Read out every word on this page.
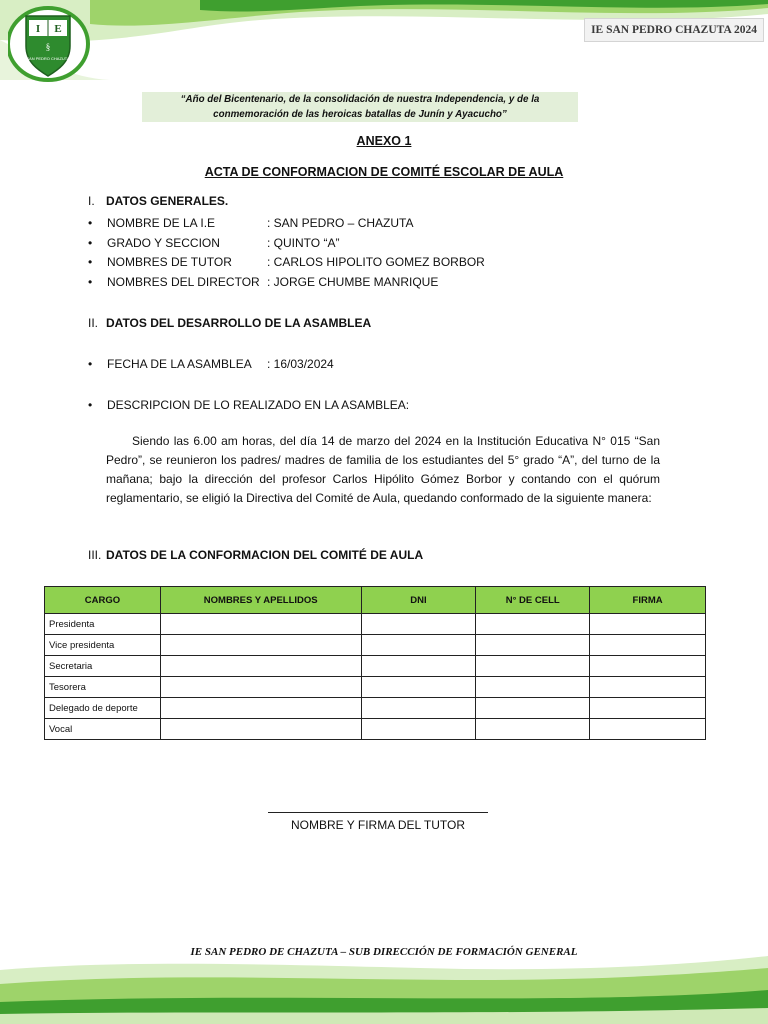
I E
§
SAN PEDRO CHAZUTA
IE SAN PEDRO CHAZUTA 2024
“Año del Bicentenario, de la consolidación de nuestra Independencia, y de la
conmemoración de las heroicas batallas de Junín y Ayacucho”
ANEXO 1
ACTA DE CONFORMACION DE COMITÉ ESCOLAR DE AULA
I. DATOS GENERALES.
• NOMBRE DE LA I.E	: SAN PEDRO – CHAZUTA
• GRADO Y SECCION	: QUINTO “A”
• NOMBRES DE TUTOR	: CARLOS HIPOLITO GOMEZ BORBOR
• NOMBRES DEL DIRECTOR : JORGE CHUMBE MANRIQUE
II. DATOS DEL DESARROLLO DE LA ASAMBLEA
• FECHA DE LA ASAMBLEA : 16/03/2024
• DESCRIPCION DE LO REALIZADO EN LA ASAMBLEA:
Siendo las 6.00 am horas, del día 14 de marzo del 2024 en la Institución Educativa N° 015 “San Pedro”, se reunieron los padres/ madres de familia de los estudiantes del 5° grado “A”, del turno de la mañana; bajo la dirección del profesor Carlos Hipólito Gómez Borbor y contando con el quórum reglamentario, se eligió la Directiva del Comité de Aula, quedando conformado de la siguiente manera:
III. DATOS DE LA CONFORMACION DEL COMITÉ DE AULA
CARGO	NOMBRES Y APELLIDOS	DNI	N° DE CELL	FIRMA
Presidenta				
Vice presidenta				
Secretaria				
Tesorera				
Delegado de deporte				
Vocal				
NOMBRE Y FIRMA DEL TUTOR
IE SAN PEDRO DE CHAZUTA – SUB DIRECCIÓN DE FORMACIÓN GENERAL
